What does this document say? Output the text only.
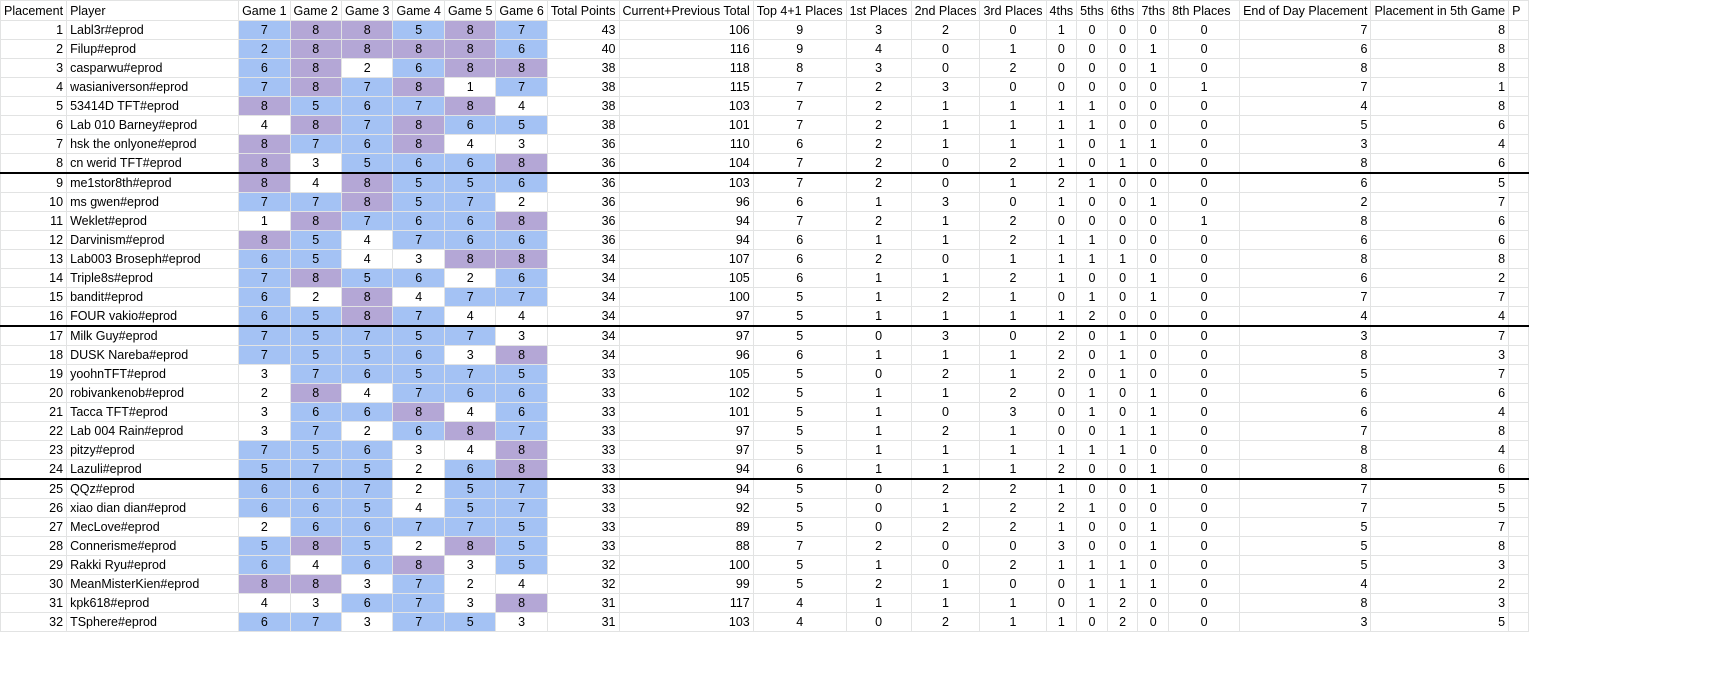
Placement	Player	Game 1	Game 2	Game 3	Game 4	Game 5	Game 6	Total Points	Current+Previous Total	Top 4+1 Places	1st Places	2nd Places	3rd Places	4ths	5ths	6ths	7ths	8th Places	End of Day Placement	Placement in 5th Game	P
1	Labl3r#eprod	7	8	8	5	8	7	43	106	9	3	2	0	1	0	0	0	0	7	8	
2	Filup#eprod	2	8	8	8	8	6	40	116	9	4	0	1	0	0	0	1	0	6	8	
3	casparwu#eprod	6	8	2	6	8	8	38	118	8	3	0	2	0	0	0	1	0	8	8	
4	wasianiverson#eprod	7	8	7	8	1	7	38	115	7	2	3	0	0	0	0	0	1	7	1	
5	53414D TFT#eprod	8	5	6	7	8	4	38	103	7	2	1	1	1	1	0	0	0	4	8	
6	Lab 010 Barney#eprod	4	8	7	8	6	5	38	101	7	2	1	1	1	1	0	0	0	5	6	
7	hsk the onlyone#eprod	8	7	6	8	4	3	36	110	6	2	1	1	1	0	1	1	0	3	4	
8	cn werid TFT#eprod	8	3	5	6	6	8	36	104	7	2	0	2	1	0	1	0	0	8	6	
9	me1stor8th#eprod	8	4	8	5	5	6	36	103	7	2	0	1	2	1	0	0	0	6	5	
10	ms gwen#eprod	7	7	8	5	7	2	36	96	6	1	3	0	1	0	0	1	0	2	7	
11	Weklet#eprod	1	8	7	6	6	8	36	94	7	2	1	2	0	0	0	0	1	8	6	
12	Darvinism#eprod	8	5	4	7	6	6	36	94	6	1	1	2	1	1	0	0	0	6	6	
13	Lab003 Broseph#eprod	6	5	4	3	8	8	34	107	6	2	0	1	1	1	1	0	0	8	8	
14	Triple8s#eprod	7	8	5	6	2	6	34	105	6	1	1	2	1	0	0	1	0	6	2	
15	bandit#eprod	6	2	8	4	7	7	34	100	5	1	2	1	0	1	0	1	0	7	7	
16	FOUR vakio#eprod	6	5	8	7	4	4	34	97	5	1	1	1	1	2	0	0	0	4	4	
17	Milk Guy#eprod	7	5	7	5	7	3	34	97	5	0	3	0	2	0	1	0	0	3	7	
18	DUSK Nareba#eprod	7	5	5	6	3	8	34	96	6	1	1	1	2	0	1	0	0	8	3	
19	yoohnTFT#eprod	3	7	6	5	7	5	33	105	5	0	2	1	2	0	1	0	0	5	7	
20	robivankenob#eprod	2	8	4	7	6	6	33	102	5	1	1	2	0	1	0	1	0	6	6	
21	Tacca TFT#eprod	3	6	6	8	4	6	33	101	5	1	0	3	0	1	0	1	0	6	4	
22	Lab 004 Rain#eprod	3	7	2	6	8	7	33	97	5	1	2	1	0	0	1	1	0	7	8	
23	pitzy#eprod	7	5	6	3	4	8	33	97	5	1	1	1	1	1	1	0	0	8	4	
24	Lazuli#eprod	5	7	5	2	6	8	33	94	6	1	1	1	2	0	0	1	0	8	6	
25	QQz#eprod	6	6	7	2	5	7	33	94	5	0	2	2	1	0	0	1	0	7	5	
26	xiao dian dian#eprod	6	6	5	4	5	7	33	92	5	0	1	2	2	1	0	0	0	7	5	
27	MecLove#eprod	2	6	6	7	7	5	33	89	5	0	2	2	1	0	0	1	0	5	7	
28	Connerisme#eprod	5	8	5	2	8	5	33	88	7	2	0	0	3	0	0	1	0	5	8	
29	Rakki Ryu#eprod	6	4	6	8	3	5	32	100	5	1	0	2	1	1	1	0	0	5	3	
30	MeanMisterKien#eprod	8	8	3	7	2	4	32	99	5	2	1	0	0	1	1	1	0	4	2	
31	kpk618#eprod	4	3	6	7	3	8	31	117	4	1	1	1	0	1	2	0	0	8	3	
32	TSphere#eprod	6	7	3	7	5	3	31	103	4	0	2	1	1	0	2	0	0	3	5	
